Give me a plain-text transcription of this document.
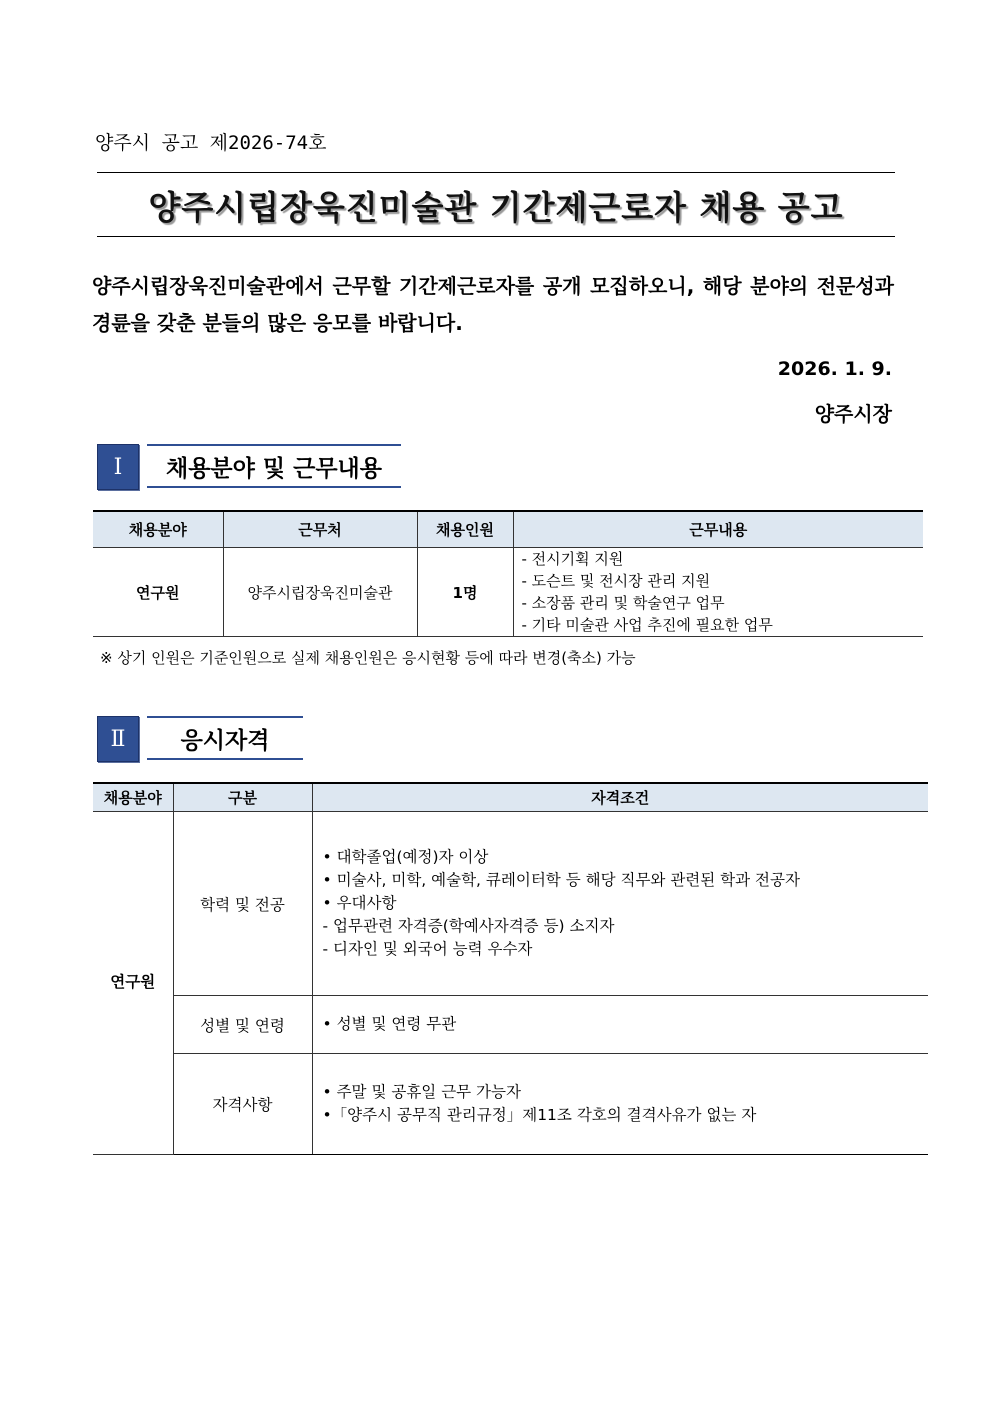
양주시 공고 제2026-74호
양주시립장욱진미술관 기간제근로자 채용 공고
양주시립장욱진미술관에서 근무할 기간제근로자를 공개 모집하오니, 해당 분야의 전문성과 경륜을 갖춘 분들의 많은 응모를 바랍니다.
2026. 1. 9.
양주시장
Ⅰ	채용분야 및 근무내용
채용분야	근무처	채용인원	근무내용
연구원	양주시립장욱진미술관	1명	- 전시기획 지원
- 도슨트 및 전시장 관리 지원
- 소장품 관리 및 학술연구 업무
- 기타 미술관 사업 추진에 필요한 업무
※ 상기 인원은 기준인원으로 실제 채용인원은 응시현황 등에 따라 변경(축소) 가능
Ⅱ	응시자격
채용분야	구분	자격조건
연구원	학력 및 전공	• 대학졸업(예정)자 이상
• 미술사, 미학, 예술학, 큐레이터학 등 해당 직무와 관련된 학과 전공자
• 우대사항
- 업무관련 자격증(학예사자격증 등) 소지자
- 디자인 및 외국어 능력 우수자

	성별 및 연령	• 성별 및 연령 무관

	자격사항	• 주말 및 공휴일 근무 가능자
•「양주시 공무직 관리규정」제11조 각호의 결격사유가 없는 자
